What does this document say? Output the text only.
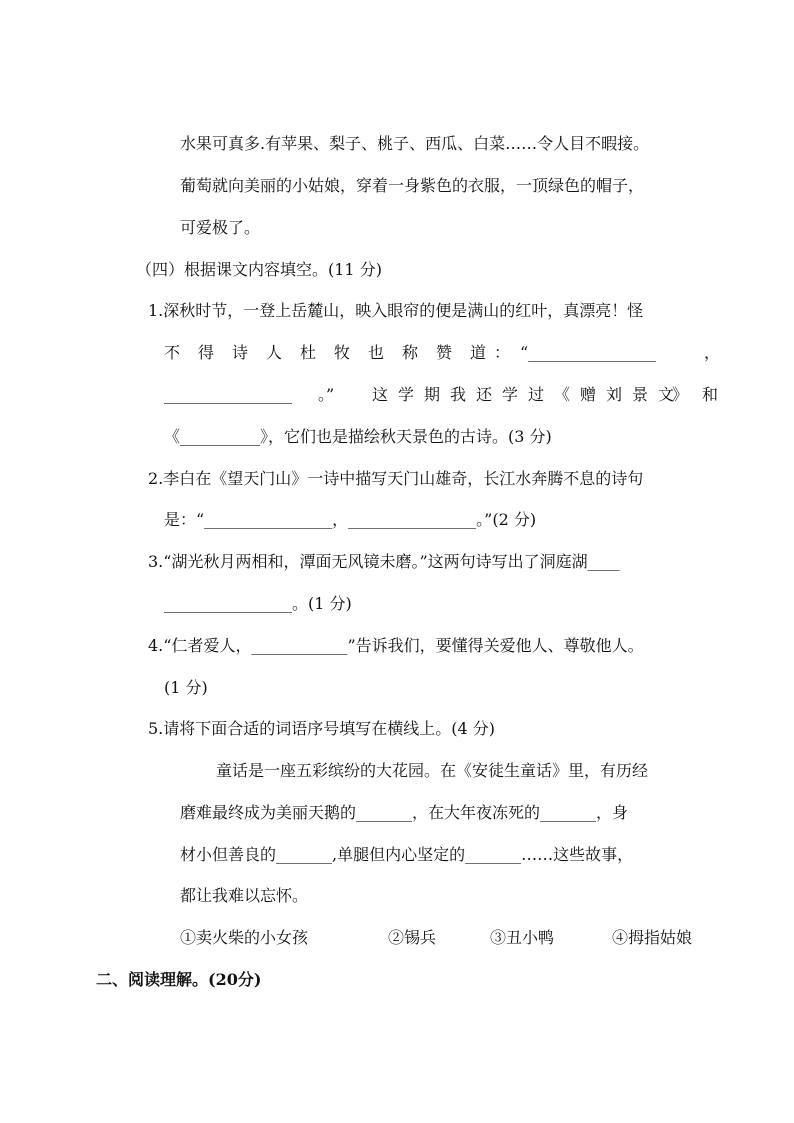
水果可真多.有苹果、梨子、桃子、西瓜、白菜……令人目不暇接。
葡萄就向美丽的小姑娘，穿着一身紫色的衣服，一顶绿色的帽子，
可爱极了。
（四）根据课文内容填空。(11 分)
1.深秋时节，一登上岳麓山，映入眼帘的便是满山的红叶，真漂亮！怪
不 得 诗 人 杜 牧 也 称 赞 道 ： “________________	，
________________ 。” 这 学 期 我 还 学 过 《 赠 刘 景 文
》 和
《__________》，它们也是描绘秋天景色的古诗。(3 分)
2.李白在《望天门山》一诗中描写天门山雄奇，长江水奔腾不息的诗句
是：“________________，________________。”(2 分)
3.“湖光秋月两相和，潭面无风镜未磨。”这两句诗写出了洞庭湖____
________________。(1 分)
4.“仁者爱人，____________”告诉我们，要懂得关爱他人、尊敬他人。
(1 分)
5.请将下面合适的词语序号填写在横线上。(4 分)
童话是一座五彩缤纷的大花园。在《安徒生童话》里，有历经
磨难最终成为美丽天鹅的_______，在大年夜冻死的_______，身
材小但善良的_______,单腿但内心坚定的_______……这些故事，
都让我难以忘怀。
①卖火柴的小女孩	②锡兵	③丑小鸭	④拇指姑娘
二、阅读理解。(20分)
